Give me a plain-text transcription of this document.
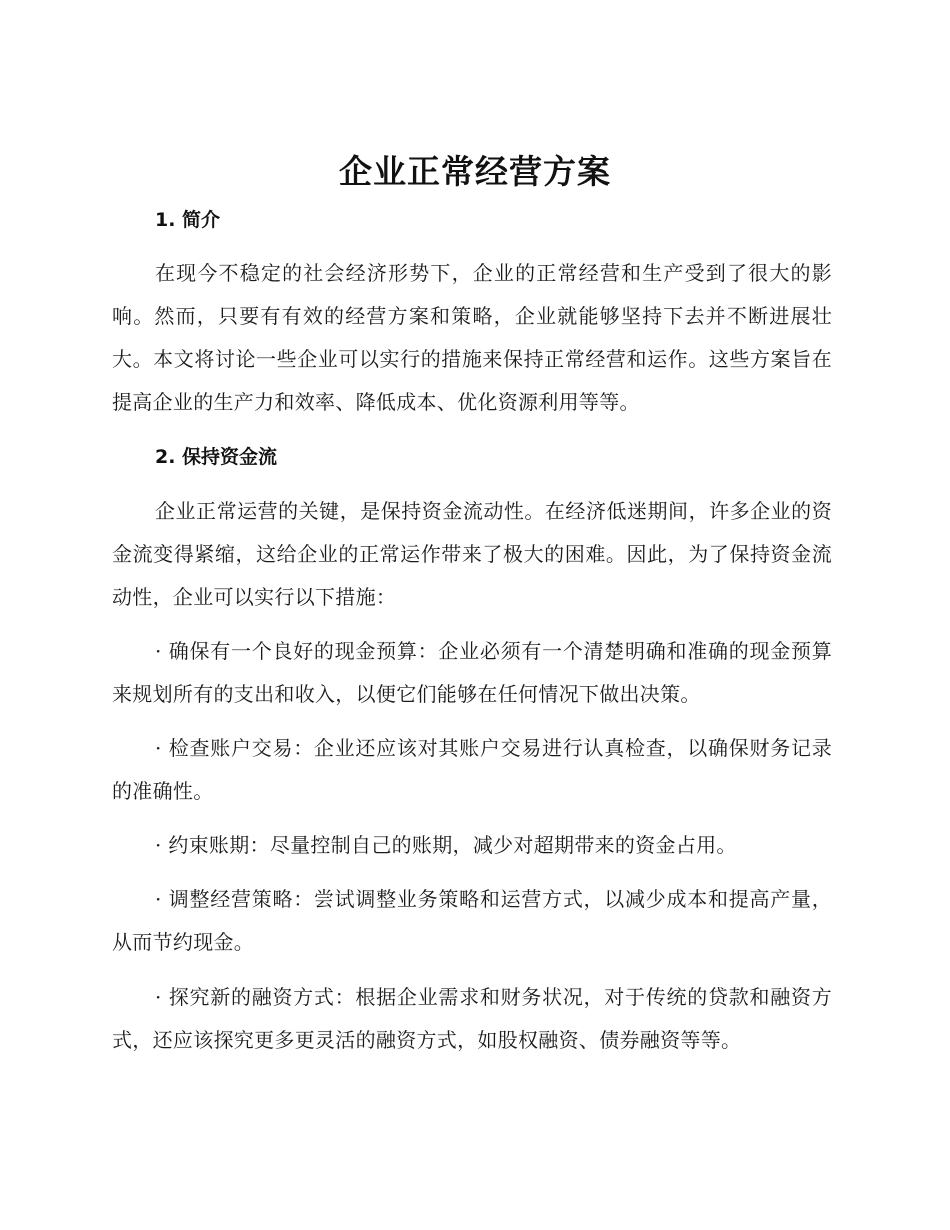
企业正常经营方案
1. 简介

在现今不稳定的社会经济形势下，企业的正常经营和生产受到了很大的影响。然而，只要有有效的经营方案和策略，企业就能够坚持下去并不断进展壮大。本文将讨论一些企业可以实行的措施来保持正常经营和运作。这些方案旨在提高企业的生产力和效率、降低成本、优化资源利用等等。

2. 保持资金流

企业正常运营的关键，是保持资金流动性。在经济低迷期间，许多企业的资金流变得紧缩，这给企业的正常运作带来了极大的困难。因此，为了保持资金流动性，企业可以实行以下措施：

· 确保有一个良好的现金预算：企业必须有一个清楚明确和准确的现金预算来规划所有的支出和收入，以便它们能够在任何情况下做出决策。

· 检查账户交易：企业还应该对其账户交易进行认真检查，以确保财务记录的准确性。

· 约束账期：尽量控制自己的账期，减少对超期带来的资金占用。

· 调整经营策略：尝试调整业务策略和运营方式，以减少成本和提高产量，从而节约现金。

· 探究新的融资方式：根据企业需求和财务状况，对于传统的贷款和融资方式，还应该探究更多更灵活的融资方式，如股权融资、债券融资等等。
